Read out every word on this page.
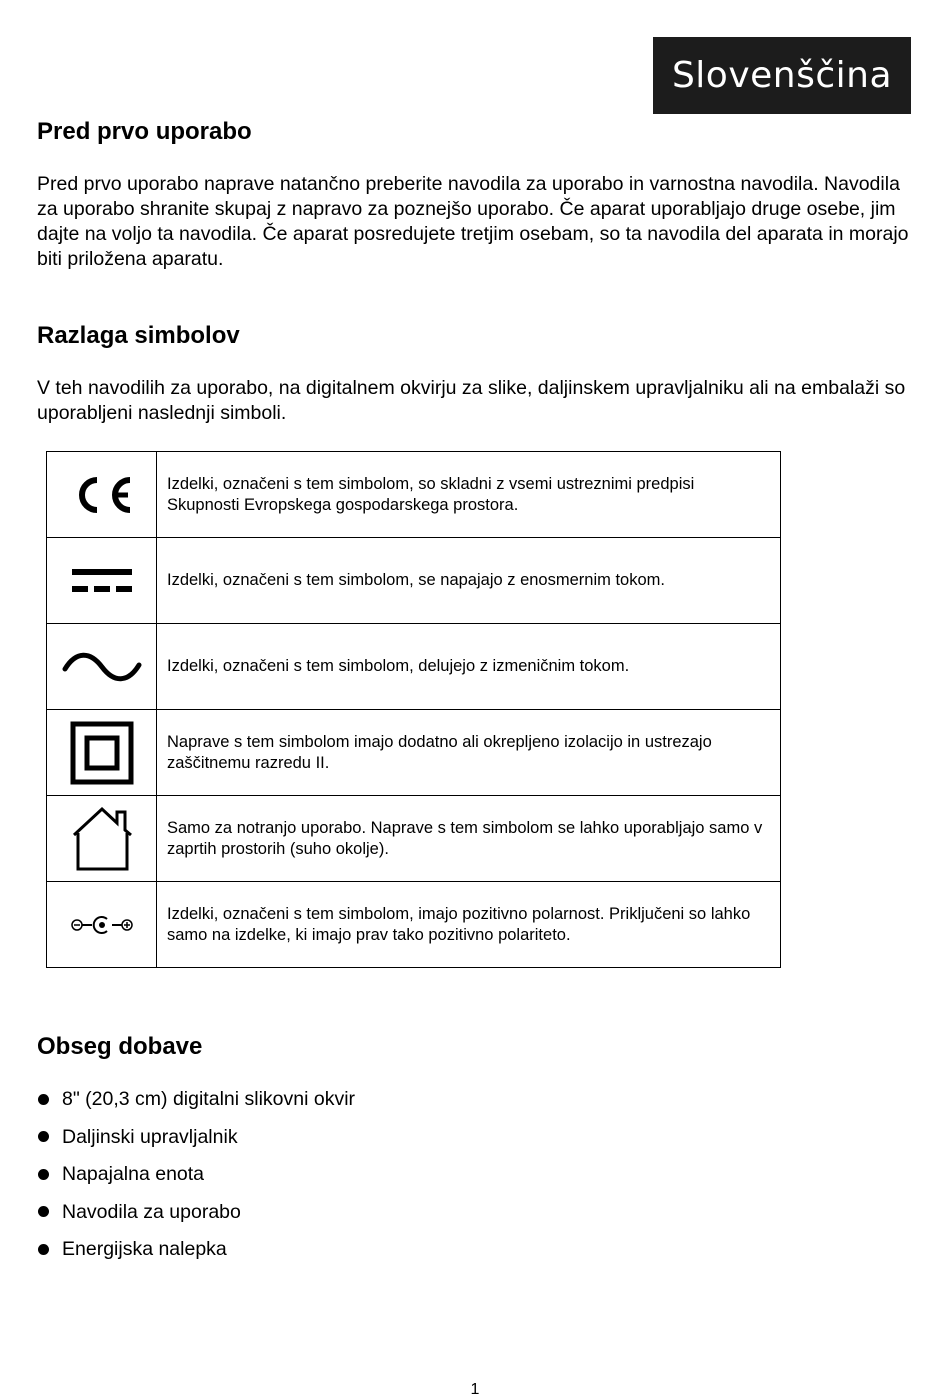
Slovenščina
Pred prvo uporabo

Pred prvo uporabo naprave natančno preberite navodila za uporabo in varnostna navodila. Navodila za uporabo shranite skupaj z napravo za poznejšo uporabo. Če aparat uporabljajo druge osebe, jim dajte na voljo ta navodila. Če aparat posredujete tretjim osebam, so ta navodila del aparata in morajo biti priložena aparatu.

Razlaga simbolov

V teh navodilih za uporabo, na digitalnem okvirju za slike, daljinskem upravljalniku ali na embalaži so uporabljeni naslednji simboli.

	Izdelki, označeni s tem simbolom, so skladni z vsemi ustreznimi predpisi Skupnosti Evropskega gospodarskega prostora.

	Izdelki, označeni s tem simbolom, se napajajo z enosmernim tokom.

	Izdelki, označeni s tem simbolom, delujejo z izmeničnim tokom.

	Naprave s tem simbolom imajo dodatno ali okrepljeno izolacijo in ustrezajo zaščitnemu razredu II.

	Samo za notranjo uporabo. Naprave s tem simbolom se lahko uporabljajo samo v zaprtih prostorih (suho okolje).

	Izdelki, označeni s tem simbolom, imajo pozitivno polarnost. Priključeni so lahko samo na izdelke, ki imajo prav tako pozitivno polariteto.
Obseg dobave
8" (20,3 cm) digitalni slikovni okvir
Daljinski upravljalnik
Napajalna enota
Navodila za uporabo
Energijska nalepka
1
